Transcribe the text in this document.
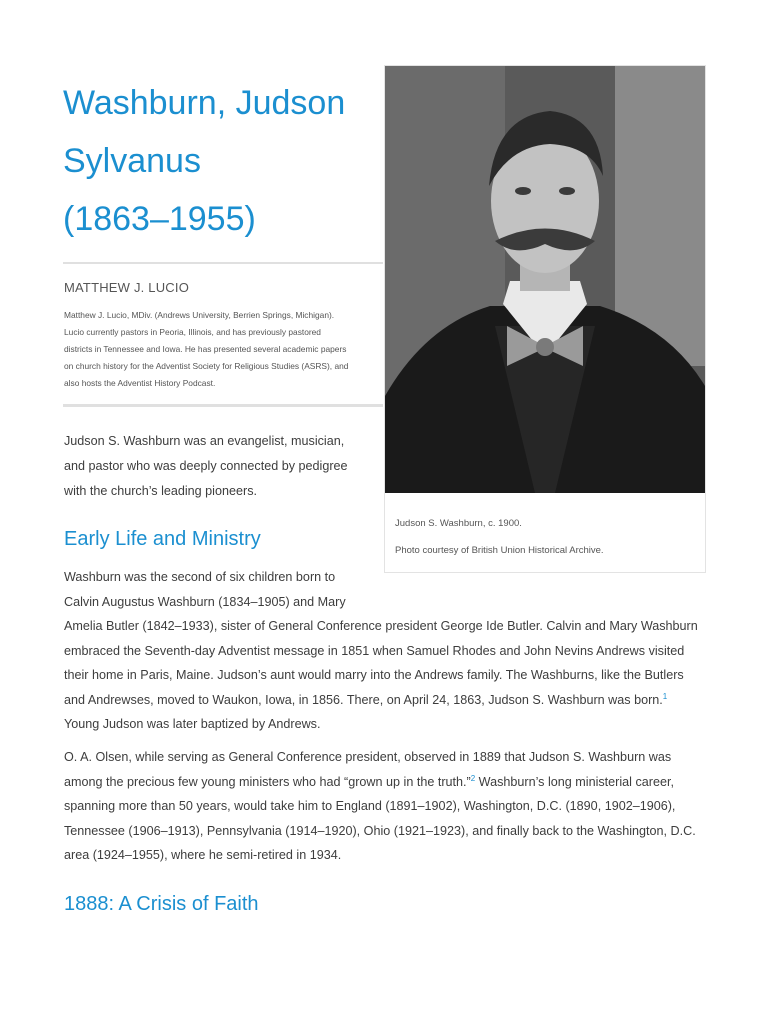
Washburn, Judson
Sylvanus
(1863–1955)
MATTHEW J. LUCIO
Matthew J. Lucio, MDiv. (Andrews University, Berrien Springs, Michigan).
Lucio currently pastors in Peoria, Illinois, and has previously pastored
districts in Tennessee and Iowa. He has presented several academic papers
on church history for the Adventist Society for Religious Studies (ASRS), and
also hosts the Adventist History Podcast.
Judson S. Washburn was an evangelist, musician,
and pastor who was deeply connected by pedigree
with the church’s leading pioneers.
Judson S. Washburn, c. 1900.
Photo courtesy of British Union Historical Archive.
Early Life and Ministry
Washburn was the second of six children born to
Calvin Augustus Washburn (1834–1905) and Mary
Amelia Butler (1842–1933), sister of General Conference president George Ide Butler. Calvin and Mary Washburn
embraced the Seventh-day Adventist message in 1851 when Samuel Rhodes and John Nevins Andrews visited
their home in Paris, Maine. Judson’s aunt would marry into the Andrews family. The Washburns, like the Butlers
and Andrewses, moved to Waukon, Iowa, in 1856. There, on April 24, 1863, Judson S. Washburn was born.$^1$
Young Judson was later baptized by Andrews.
O. A. Olsen, while serving as General Conference president, observed in 1889 that Judson S. Washburn was
among the precious few young ministers who had “grown up in the truth.”$^2$ Washburn’s long ministerial career,
spanning more than 50 years, would take him to England (1891–1902), Washington, D.C. (1890, 1902–1906),
Tennessee (1906–1913), Pennsylvania (1914–1920), Ohio (1921–1923), and finally back to the Washington, D.C.
area (1924–1955), where he semi-retired in 1934.
1888: A Crisis of Faith
